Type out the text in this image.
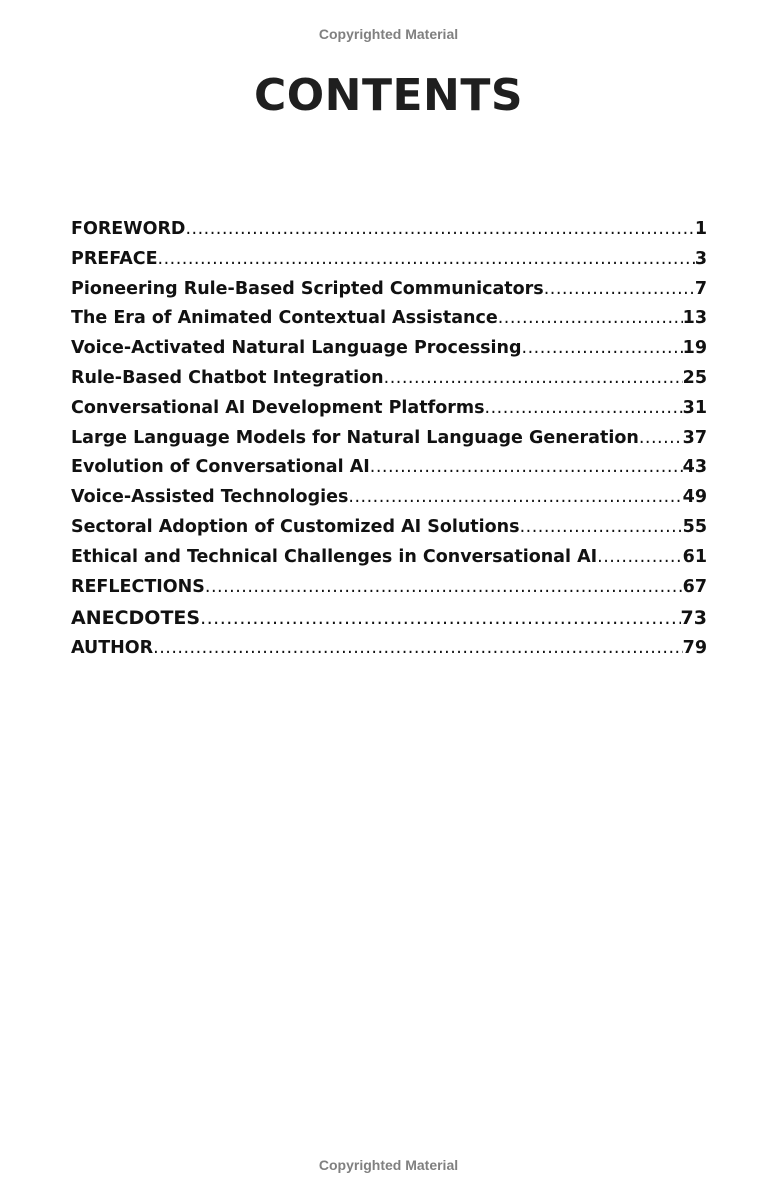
Copyrighted Material
CONTENTS
FOREWORD .....	1
PREFACE .....	3
Pioneering Rule-Based Scripted Communicators .....	7
The Era of Animated Contextual Assistance .....	13
Voice-Activated Natural Language Processing .....	19
Rule-Based Chatbot Integration .....	25
Conversational AI Development Platforms .....	31
Large Language Models for Natural Language Generation .....	37
Evolution of Conversational AI .....	43
Voice-Assisted Technologies .....	49
Sectoral Adoption of Customized AI Solutions .....	55
Ethical and Technical Challenges in Conversational AI .....	61
REFLECTIONS .....	67
ANECDOTES .....	73
AUTHOR .....	79
Copyrighted Material
